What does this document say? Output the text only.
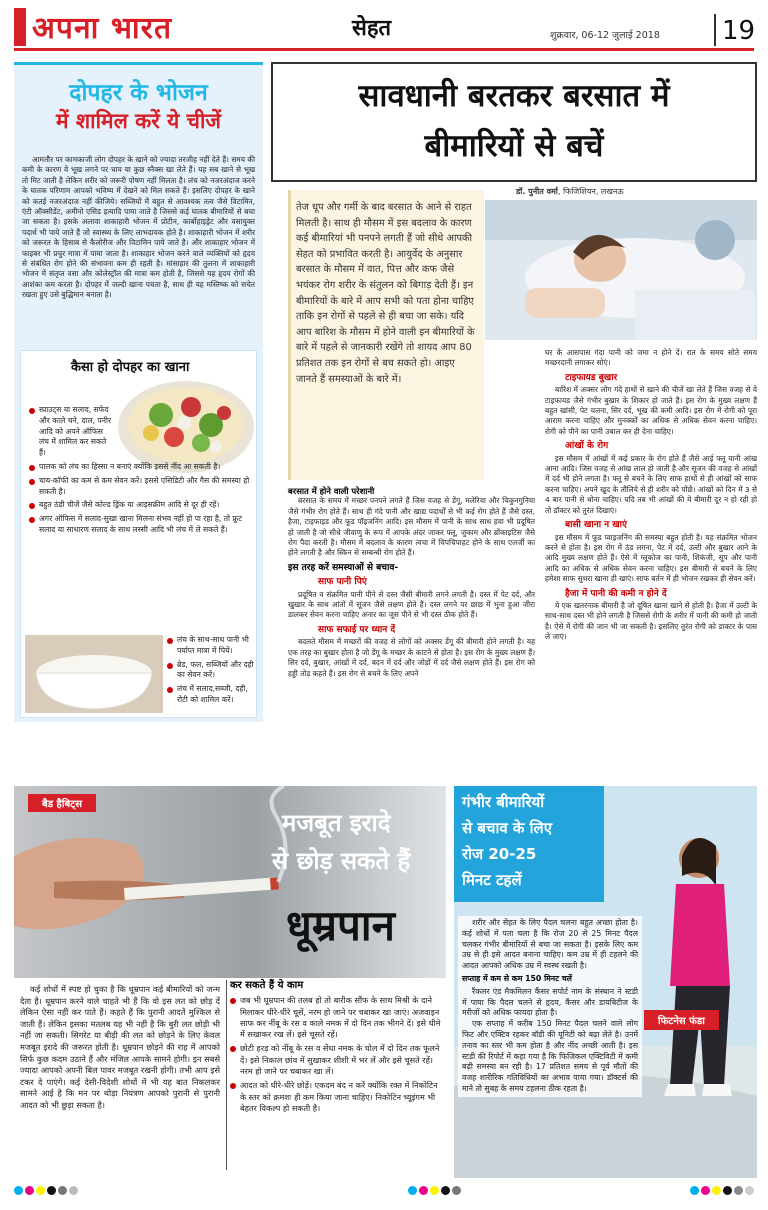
अपना भारत	सेहत	शुक्रवार, 06-12 जुलाई 2018 19
दोपहर के भोजन
में शामिल करें ये चीजें

आमतौर पर कामकाजी लोग दोपहर के खाने को ज्यादा तरजीह नहीं देते हैं। समय की कमी के कारण वे भूख लगने पर चाय या कुछ स्नैक्स खा लेते हैं। यह सब खाने से भूख तो मिट जाती है लेकिन शरीर को जरूरी पोषण नहीं मिलता है। लंच को नजरअंदाज करने के घातक परिणाम आपको भविष्य में देखने को मिल सकते हैं। इसलिए दोपहर के खाने को कतई नजरअंदाज नहीं कीजिये। सब्जियों में बहुत से आवश्यक तत्व जैसे विटामिन, एंटी ऑक्सीडेंट, अमीनो एसिड इत्यादि पाया जाते है जिससे कई घातक बीमारियों से बचा जा सकता है। इसके अलावा शाकाहारी भोजन में प्रोटीन, कार्बोहाइड्रेट और वसायुक्त पदार्थ भी पाये जाते हैं जो स्वास्थ्य के लिए लाभदायक होते है। शाकाहारी भोजन में शरीर को जरूरत के हिसाब से कैलोरीज और विटामिन पाये जाते है। और शाकाहार भोजन में फाइबर भी प्रचुर मात्रा में पाया जाता है। शाकाहार भोजन करने वाले व्यक्तियों को हृदय से संबंधित रोग होने की संभावना कम ही रहती है। मांसाहार की तुलना में शाकाहारी भोजन में संतृप्त वसा और कोलेस्ट्रॉल की मात्रा कम होती है, जिससे यह हृदय रोगों की आशंका कम करता है। दोपहर में जल्दी खाना पचता है, साथ ही यह मस्तिष्क को सचेत रखता हुए उसे बुद्धिमान बनाता है।

कैसा हो दोपहर का खाना
स्प्राउट्स या सलाद, सफेद और काले चने, दाल, पनीर आदि को अपने ऑफिस लंच में शामिल कर सकते हैं।
पालक को लंच का हिस्सा न बनाएं क्योंकि इससे नींद आ सकती है।
चाय-कॉफी का कम से कम सेवन करें। इससे एसिडिटी और गैस की समस्या हो सकती है।
बहुत ठंडी चीजें जैसे कोल्ड ड्रिंक या आइसक्रीम आदि से दूर ही रहें।
अगर ऑफिस में सलाद-सुखा खाना मिलना संभव नहीं हो पा रहा है, तो फ्रूट सलाद या साधारण सलाद के साथ लस्सी आदि भी लंच में ले सकते हैं।
लंच के साथ-साथ पानी भी पर्याप्त मात्रा में पियें।
ब्रेड, फल, सब्जियों और दही का सेवन करें।
लंच में सलाद,सब्जी, दही, रोटी को शामिल करें।
सावधानी बरतकर बरसात में
बीमारियों से बचें
डॉ. पुनीत वर्मा, फिजिशियन, लखनऊ
तेज धूप और गर्मी के बाद बरसात के आने से राहत मिलती है। साथ ही मौसम में इस बदलाव के कारण कई बीमारियां भी पनपने लगती हैं जो सीधे आपकी सेहत को प्रभावित करती है। आयुर्वेद के अनुसार बरसात के मौसम में वात, पित्त और कफ जैसे भयंकर रोग शरीर के संतुलन को बिगाड़ देती हैं। इन बीमारियों के बारे में आप सभी को पता होना चाहिए ताकि इन रोगों से पहले से ही बचा जा सके। यदि आप बारिश के मौसम में होने वाली इन बीमारियों के बारे में पहले से जानकारी रखेंगे तो शायद आप 80 प्रतिशत तक इन रोगों से बच सकते हो। आइए जानते हैं समस्याओं के बारे में।
बरसात में होने वाली परेशानी

बरसात के समय में मच्छर पनपने लगते हैं जिस वजह से डेंगू, मलेरिया और चिकुनगुनिया जैसे गंभीर रोग होते हैं। साथ ही गंदे पानी और खाद्य पदार्थों से भी कई रोग होते हैं जैसे दस्त, हैजा, टाइफाइड और फूड पॉइजनिंग आदि। इस मौसम में पानी के साथ साथ हवा भी प्रदूषित हो जाती है जो सीधे जीवाणु के रूप में आपके अंदर जाकर फ्लू, जुकाम और ब्रोंकाइटिस जैसे रोग पैदा करती है। मौसम में बदलाव के कारण त्वचा में चिपचिपाहट होने के साथ एलर्जी का होने लगती है और स्किन से सम्बन्धी रोग होते हैं।

इस तरह करें समस्याओं से बचाव-
साफ पानी पिएं

प्रदूषित व संक्रमित पानी पीने से दस्त जैसी बीमारी लगने लगती है। दस्त में पेट दर्द, और खुखार के साथ आंतों में सूजन जैसे लक्षण होते हैं। दस्त लगने पर छाछ में भुना हुआ जीरा डालकर सेवन करना चाहिए अनार का जूस पीने से भी दस्त ठीक होते हैं।

साफ सफाई पर ध्यान दें

बदलते मौसम में मच्छरों की वजह से लोगों को अक्सर डेंगू की बीमारी होने लगती है। यह एक तरह का बुखार होता है जो डेंगू के मच्छर के काटने से होता है। इस रोग के मुख्य लक्षण हैं। सिर दर्द, बुखार, आंखों में दर्द, बदन में दर्द और जोड़ों में दर्द जैसे लक्षण होते हैं। इस रोग को हड्डी तोड़ कहते हैं। इस रोग से बचने के लिए अपने

घर के आसपास गंदा पानी को जमा न होने दें। रात के समय सोते समय मच्छरदानी लगाकर सोएं।

टाइफायड बुखार

बारिश में अक्सर लोग गंदे हाथों से खाने की चीजें खा लेते हैं जिस वजह से वे टाइफायड जैसे गंभीर बुखार के शिकार हो जाते हैं। इस रोग के मुख्य लक्षण हैं बहुत खांसी, पेट चलना, सिर दर्द, भूख की कमी आदि। इस रोग में रोगी को पूरा आराम करना चाहिए और मुनक्कों का अधिक से अधिक सेवन करना चाहिए। रोगी को पीने का पानी उबाल कर ही देना चाहिए।

आंखों के रोग

इस मौसम में आंखों में कई प्रकार के रोग होते हैं जैसे आई फ्लू यानी आंख आना आदि। जिस वजह से आंख लाल हो जाती है और सूजन की वजह से आंखों में दर्द भी होने लगता है। फ्लू से बचने के लिए साफ हाथों से ही आंखों को साफ करना चाहिए। अपने खुद के तौलिये से ही शरीर को पोंछें। आंखों को दिन में 3 से 4 बार पानी से धोना चाहिए। यदि तब भी आंखों की ये बीमारी दूर न हो रही हो तो डॉक्टर को तुरंत दिखाएं।

बासी खाना न खाएं

इस मौसम में फूड प्वाइजनिंग की समस्या बहुत होती है। यह संक्रमित भोजन करने से होता है। इस रोग में ठंड लगना, पेट में दर्द, उल्टी और बुखार आने के आदि मुख्य लक्षण होते हैं। ऐसे में ग्लूकोज का पानी, शिकंजी, सूप और पानी आदि का अधिक से अधिक सेवन करना चाहिए। इस बीमारी से बचने के लिए हमेशा साफ सुथरा खाना ही खाएं। साफ बर्तन में ही भोजन रखकर ही सेवन करें।

हैजा में पानी की कमी न होने दें

ये एक खतरनाक बीमारी है जो दूषित खाना खाने से होती है। हैजा में उल्टी के साथ-साथ दस्त भी होने लगती है जिससे रोगी के शरीर में पानी की कमी हो जाती है। ऐसे में रोगी की जान भी जा सकती है। इसलिए तुरंत रोगी को डाक्टर के पास ले जाएं।

बैड हैबिट्स
मजबूत इरादे
से छोड़ सकते हैं
धूम्रपान

कई शोधों में स्पष्ट हो चुका है कि धूम्रपान कई बीमारियों को जन्म देता है। धूम्रपान करने वाले चाहते भी हैं कि वो इस लत को छोड़ दें लेकिन ऐसा नहीं कर पाते हैं। कहते हैं कि पुरानी आदतें मुश्किल से जाती हैं। लेकिन इसका मतलब यह भी नहीं है कि बुरी लत छोड़ी भी नहीं जा सकती। सिगरेट या बीड़ी की लत को छोड़ने के लिए केवल मजबूत इरादे की जरूरत होती है। धूम्रपान छोड़ने की राह में आपको सिर्फ कुछ कदम उठाने हैं और मंजिल आपके सामने होगी। इन सबसे ज्यादा आपको अपनी बिल पावर मजबूत रखनी होगी। तभी आप इसे टकर दे पाएंगे। कई देसी-विदेशी शोधों में भी यह बात निकलकर सामने आई है कि मन पर थोड़ा नियंत्रण आपको पुरानी से पुरानी आदत को भी छुड़ा सकता है।

कर सकते हैं ये काम
जब भी धूम्रपान की तलब हो तो बारीक सौंफ के साथ मिश्री के दाने मिलाकर धीरे-धीरे चूसें, नरम हो जाने पर चबाकर खा जाएं। अजवाइन साफ कर नींबू के रस व काले नमक में दो दिन तक भीगने दें। इसे धीमे में सखाकर रख लें। इसे चूसते रहें।
छोटी हरड़ को नींबू के रस व सेंधा नमक के घोल में दो दिन तक फूलने दें। इसे निकाल छांव में सुखाकर शीशी में भर लें और इसे चूसते रहें। नरम हो जाने पर चबाकर खा लें।
आदत को धीरे-धीरे छोड़ें। एकदम बंद न करें क्योंकि रक्त में निकोटिन के स्तर को क्रमशः ही कम किया जाना चाहिए। निकोटिन च्यूइंगम भी बेहतर विकल्प हो सकती है।
गंभीर बीमारियों
से बचाव के लिए
रोज 20-25
मिनट टहलें
फिटनेस फंडा

शरीर और सेहत के लिए पैदल चलना बहुत अच्छा होता है। कई शोधों में पता चला है कि रोज 20 से 25 मिनट पैदल चलकर गंभीर बीमारियों से बचा जा सकता है। इसके लिए कम उम्र से ही इसे आदत बनाना चाहिए। कम उम्र में ही टहलने की आदत आपको अधिक उम्र में स्वस्थ रखती है।

सप्ताह में कम से कम 150 मिनट चलें

रैंकलर एंड मैकमिलन कैंसर सपोर्ट नाम के संस्थान ने स्टडी में पाया कि पैदल चलने से हृदय, कैंसर और डायबिटीज के मरीजों को अधिक फायदा होता है।

एक सप्ताह में करीब 150 मिनट पैदल चलने वाले लोग फिट और एक्टिव रहकर बॉडी की यूनिटी को बढ़ा लेते है। उनमें तनाव का स्तर भी कम होता है और नींद अच्छी आती है। इस स्टडी की रिपोर्ट में कहा गया है कि फिजिकल एक्टिविटी में कमी बढ़ी समस्या बन रही है। 17 प्रतिशत समय से पूर्व मौतों की वजह शारीरिक गतिविधियों का अभाव पाया गया। डॉक्टर्स की माने तो सुबह के समय टहलना ठीक रहता है।
